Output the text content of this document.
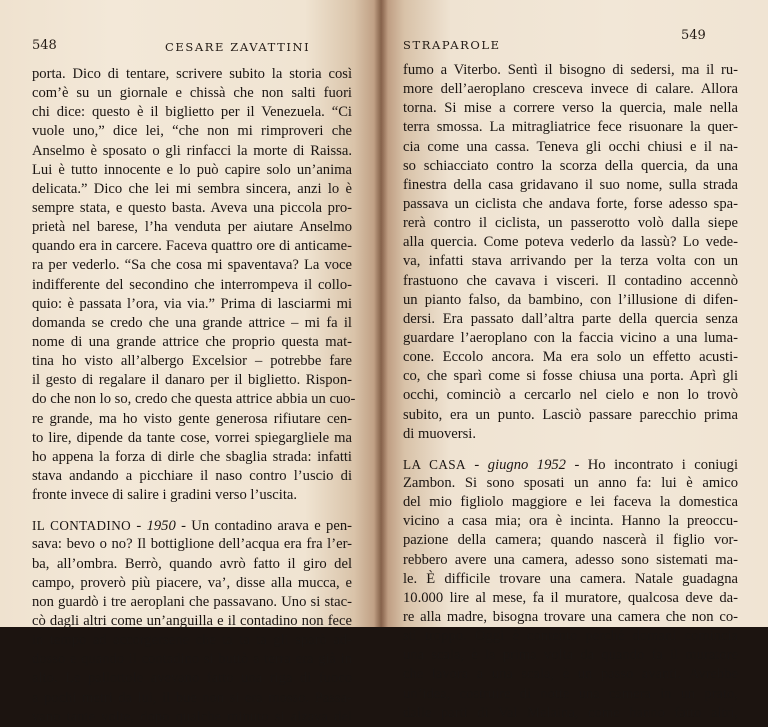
548	CESARE ZAVATTINI
porta. Dico di tentare, scrivere subito la storia così
com’è su un giornale e chissà che non salti fuori
chi dice: questo è il biglietto per il Venezuela. “Ci
vuole uno,” dice lei, “che non mi rimproveri che
Anselmo è sposato o gli rinfacci la morte di Raissa.
Lui è tutto innocente e lo può capire solo un’anima
delicata.” Dico che lei mi sembra sincera, anzi lo è
sempre stata, e questo basta. Aveva una piccola pro-
prietà nel barese, l’ha venduta per aiutare Anselmo
quando era in carcere. Faceva quattro ore di anticame-
ra per vederlo. “Sa che cosa mi spaventava? La voce
indifferente del secondino che interrompeva il collo-
quio: è passata l’ora, via via.” Prima di lasciarmi mi
domanda se credo che una grande attrice – mi fa il
nome di una grande attrice che proprio questa mat-
tina ho visto all’albergo Excelsior – potrebbe fare
il gesto di regalare il danaro per il biglietto. Rispon-
do che non lo so, credo che questa attrice abbia un cuo-
re grande, ma ho visto gente generosa rifiutare cen-
to lire, dipende da tante cose, vorrei spiegargliele ma
ho appena la forza di dirle che sbaglia strada: infatti
stava andando a picchiare il naso contro l’uscio di
fronte invece di salire i gradini verso l’uscita.
IL CONTADINO - 1950 - Un contadino arava e pen-
sava: bevo o no? Il bottiglione dell’acqua era fra l’er-
ba, all’ombra. Berrò, quando avrò fatto il giro del
campo, proverò più piacere, va’, disse alla mucca, e
non guardò i tre aeroplani che passavano. Uno si stac-
cò dagli altri come un’anguilla e il contadino non fece
in tempo ad accorgersene che ta ta ta gli sparò ad-
dosso e quando il contadino si buttò a terra era già in
alto. Le pallottole avevano fatto una riga di fuoco
a pochi metri da lui, il bue non si era mosso. Passa-
vano tante volte, dopo qualche minuto si alzava del
STRAPAROLE
549
fumo a Viterbo. Sentì il bisogno di sedersi, ma il ru-
more dell’aeroplano cresceva invece di calare. Allora
torna. Si mise a correre verso la quercia, male nella
terra smossa. La mitragliatrice fece risuonare la quer-
cia come una cassa. Teneva gli occhi chiusi e il na-
so schiacciato contro la scorza della quercia, da una
finestra della casa gridavano il suo nome, sulla strada
passava un ciclista che andava forte, forse adesso spa-
rerà contro il ciclista, un passerotto volò dalla siepe
alla quercia. Come poteva vederlo da lassù? Lo vede-
va, infatti stava arrivando per la terza volta con un
frastuono che cavava i visceri. Il contadino accennò
un pianto falso, da bambino, con l’illusione di difen-
dersi. Era passato dall’altra parte della quercia senza
guardare l’aeroplano con la faccia vicino a una luma-
cone. Eccolo ancora. Ma era solo un effetto acusti-
co, che sparì come si fosse chiusa una porta. Aprì gli
occhi, cominciò a cercarlo nel cielo e non lo trovò
subito, era un punto. Lasciò passare parecchio prima
di muoversi.
LA CASA - giugno 1952 - Ho incontrato i coniugi
Zambon. Si sono sposati un anno fa: lui è amico
del mio figliolo maggiore e lei faceva la domestica
vicino a casa mia; ora è incinta. Hanno la preoccu-
pazione della camera; quando nascerà il figlio vor-
rebbero avere una camera, adesso sono sistemati ma-
le. È difficile trovare una camera. Natale guadagna
10.000 lire al mese, fa il muratore, qualcosa deve da-
re alla madre, bisogna trovare una camera che non co-
sti troppo. Oggi è contento perché domani comincia
una scala, è la prima volta da quando fa il muratore
che lavora a una scala, è un passo avanti. Avrebbe
un’idea, costruire di notte una camera in un prato,
dalle parti di Val Melaina, come hanno fatto altri,
